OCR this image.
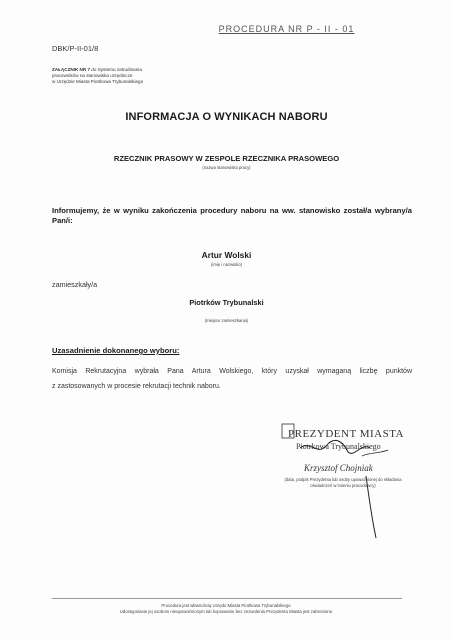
PROCEDURA NR P - II - 01
DBK/P-II-01/8
ZAŁĄCZNIK NR 7 do Systemu zatrudniania
pracowników na stanowiska urzędnicze
w Urzędzie Miasta Piotrkowa Trybunalskiego
INFORMACJA O WYNIKACH NABORU
RZECZNIK PRASOWY W ZESPOLE RZECZNIKA PRASOWEGO
(nazwa stanowiska pracy)
Informujemy, że w wyniku zakończenia procedury naboru na ww. stanowisko został/a wybrany/a Pan/i:
Artur Wolski
(imię i nazwisko)
zamieszkały/a
Piotrków Trybunalski
(miejsce zamieszkania)
Uzasadnienie dokonanego wyboru:
Komisja Rekrutacyjna wybrała Pana Artura Wolskiego, który uzyskał wymaganą liczbę punktów
z zastosowanych w procesie rekrutacji technik naboru.
PREZYDENT MIASTA
Piotrkowa Trybunalskiego
Krzysztof Chojniak
(data, podpis Prezydenta lub osoby upoważnionej do składania oświadczeń w imieniu pracodawcy)
Procedura jest własnością Urzędu Miasta Piotrkowa Trybunalskiego.
Udostępnianie jej osobom nieupoważnionym lub kopiowanie bez zezwolenia Prezydenta Miasta jest zabronione.
